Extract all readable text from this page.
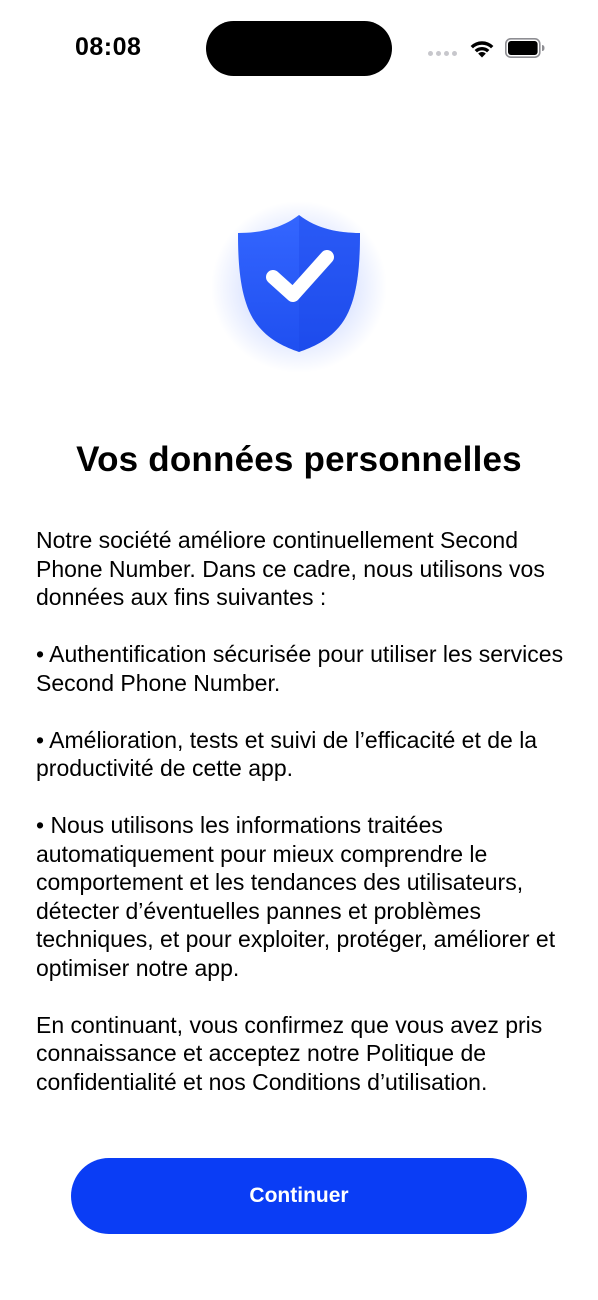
08:08
Vos données personnelles

Notre société améliore continuellement Second Phone Number. Dans ce cadre, nous utilisons vos données aux fins suivantes :

• Authentification sécurisée pour utiliser les services Second Phone Number.

• Amélioration, tests et suivi de l’efficacité et de la productivité de cette app.

• Nous utilisons les informations traitées automatiquement pour mieux comprendre le comportement et les tendances des utilisateurs, détecter d’éventuelles pannes et problèmes techniques, et pour exploiter, protéger, améliorer et optimiser notre app.

En continuant, vous confirmez que vous avez pris connaissance et acceptez notre Politique de confidentialité et nos Conditions d’utilisation.

Continuer
